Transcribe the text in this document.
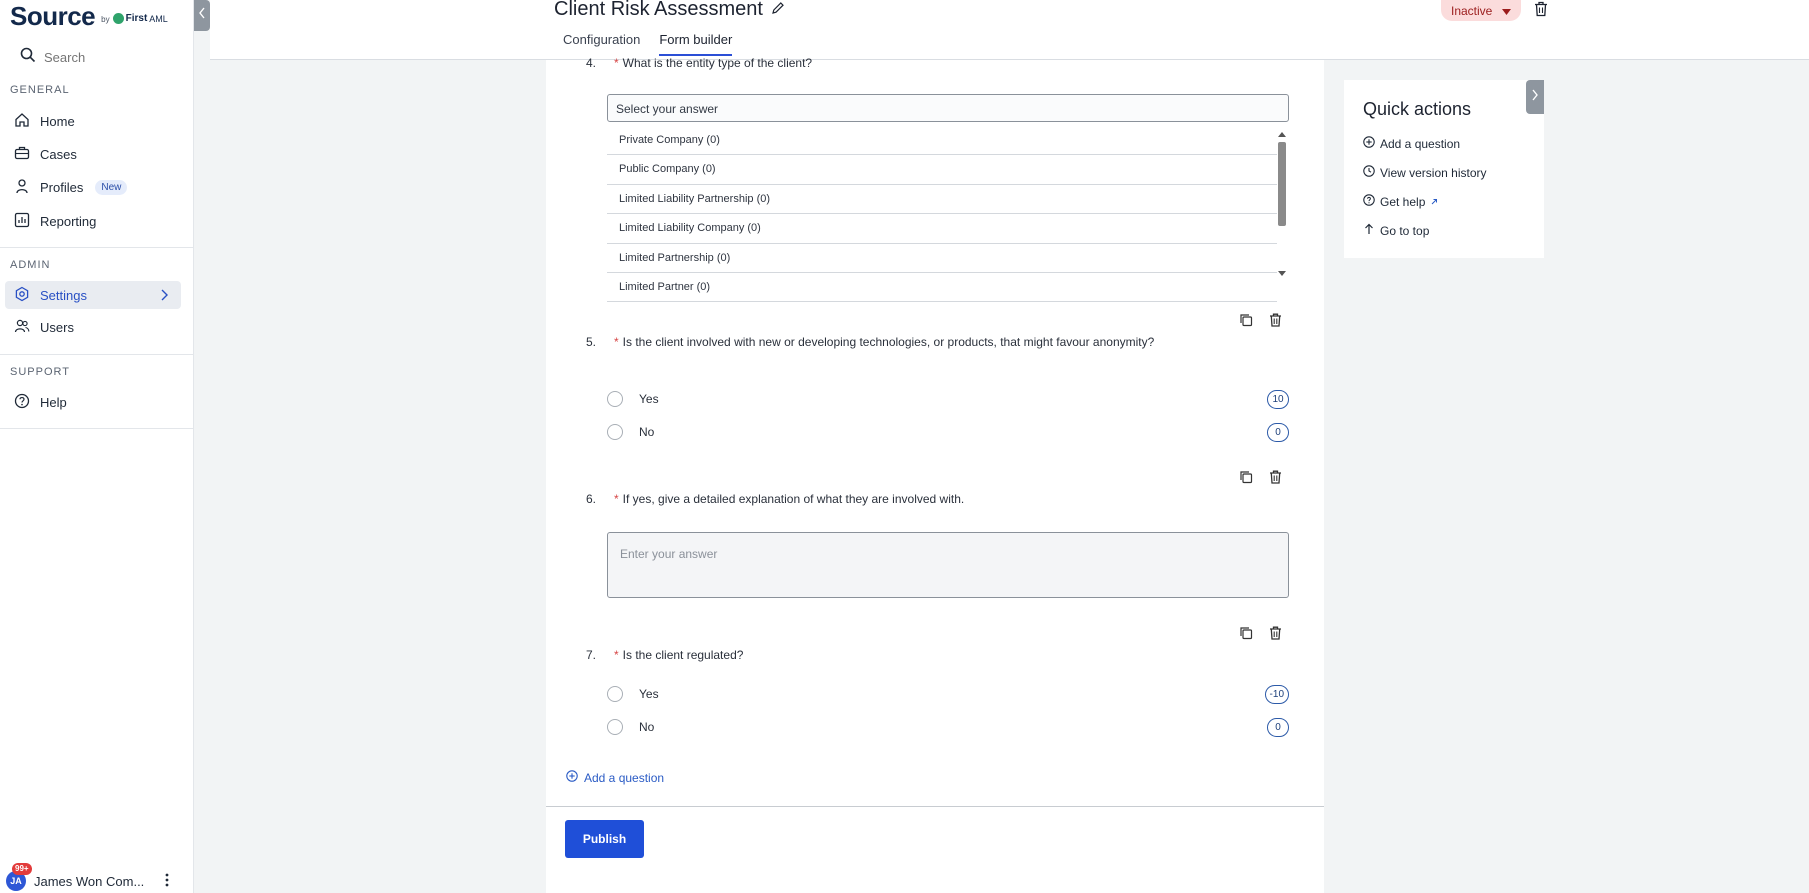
Source by First AML
Search
GENERAL
Home
Cases
Profiles	New
Reporting
ADMIN
Settings
Users
SUPPORT
Help
JA
99+
James Won Com...
Client Risk Assessment
Configuration Form builder
Inactive
4.	* What is the entity type of the client?
Select your answer
Private Company (0)
Public Company (0)
Limited Liability Partnership (0)
Limited Liability Company (0)
Limited Partnership (0)
Limited Partner (0)
5.	* Is the client involved with new or developing technologies, or products, that might favour anonymity?
Yes	10
No	0
6.	* If yes, give a detailed explanation of what they are involved with.
Enter your answer
7.	* Is the client regulated?
Yes	-10
No	0
Add a question
Publish
Quick actions
Add a question
View version history
Get help
Go to top
